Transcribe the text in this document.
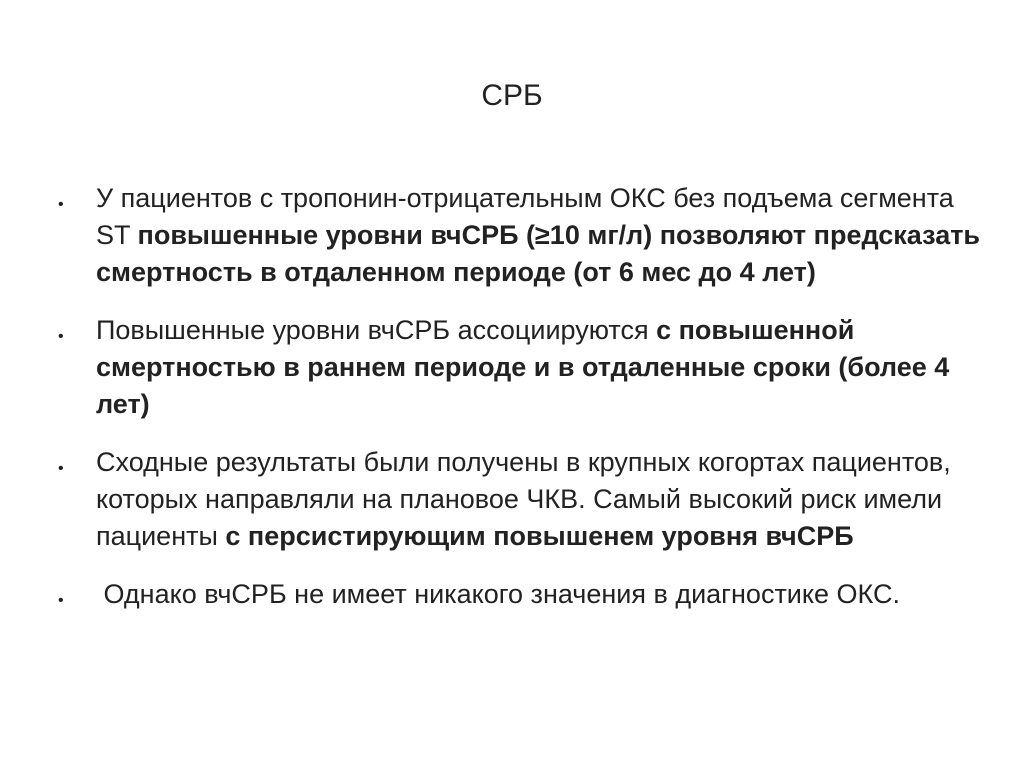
СРБ
• У пациентов с тропонин-отрицательным ОКС без подъема сегмента ST повышенные уровни вчСРБ (≥10 мг/л) позволяют предсказать смертность в отдаленном периоде (от 6 мес до 4 лет)
• Повышенные уровни вчСРБ ассоциируются с повышенной смертностью в раннем периоде и в отдаленные сроки (более 4 лет)
• Сходные результаты были получены в крупных когортах пациентов, которых направляли на плановое ЧКВ. Самый высокий риск имели пациенты с персистирующим повышенем уровня вчСРБ
• Однако вчСРБ не имеет никакого значения в диагностике ОКС.
